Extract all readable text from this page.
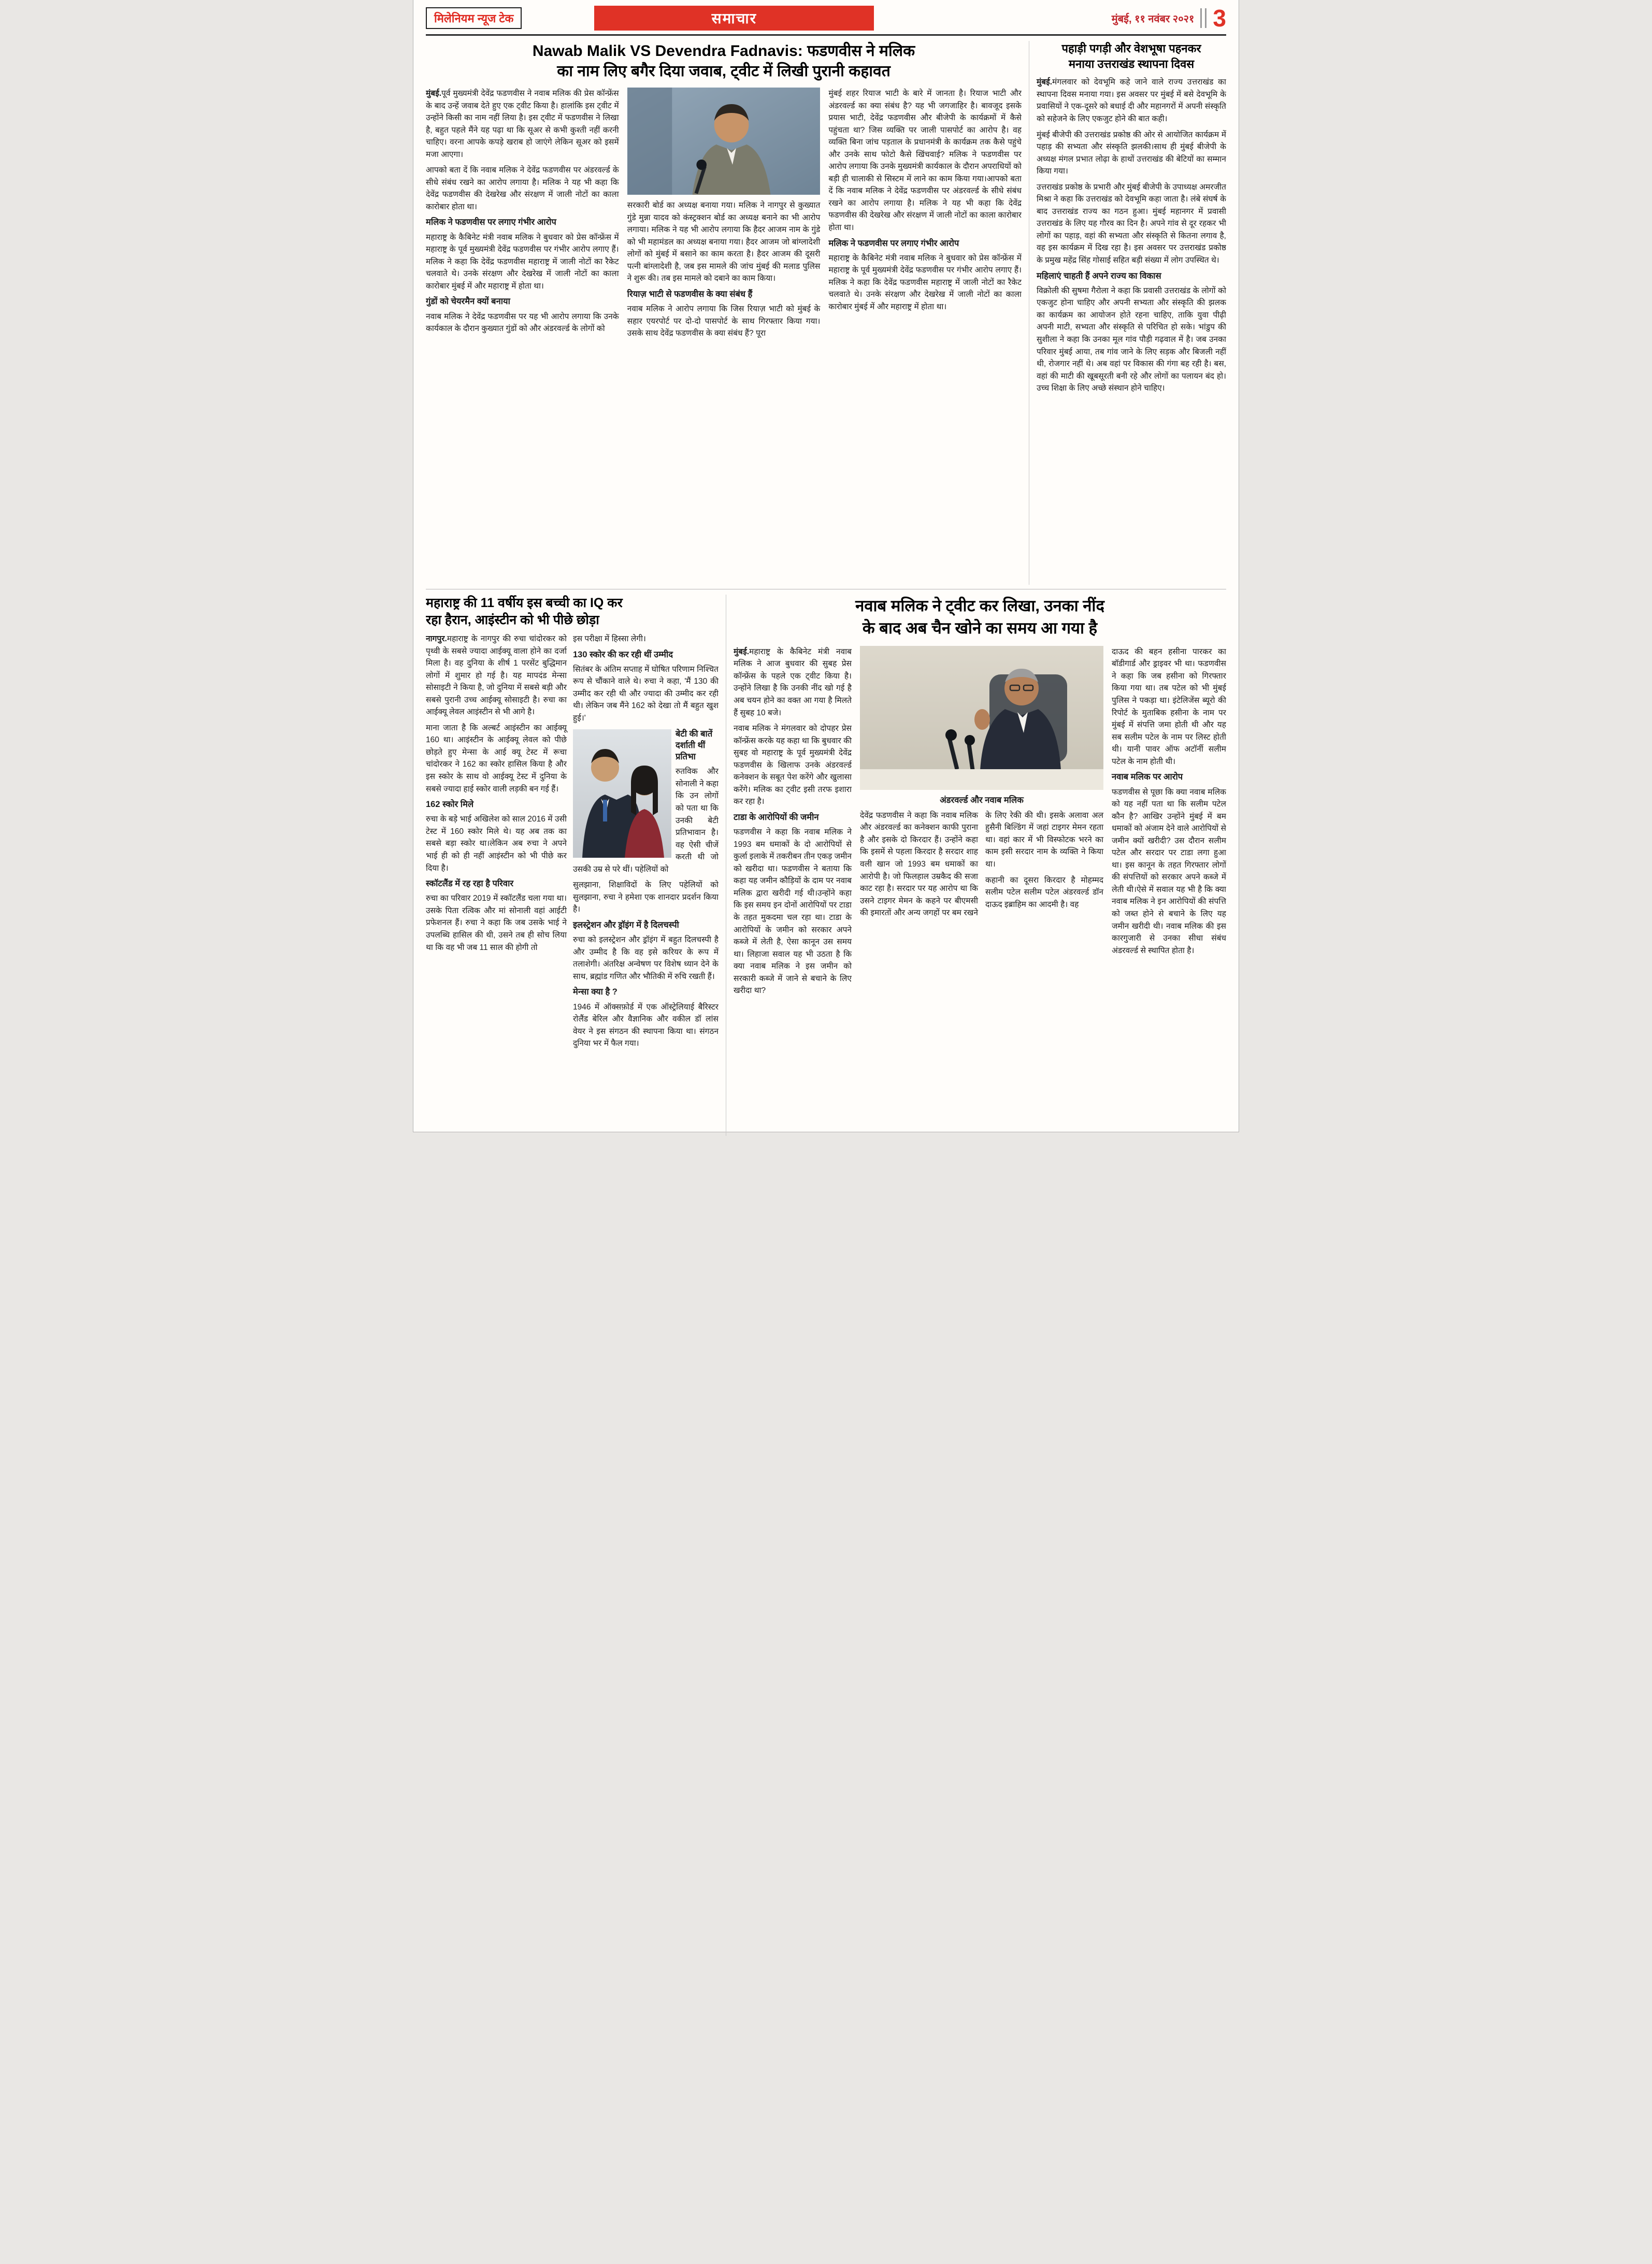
मिलेनियम न्यूज टेक	समाचार	मुंबई, ११ नवंबर २०२१ 3
Nawab Malik VS Devendra Fadnavis: फडणवीस ने मलिक
का नाम लिए बगैर दिया जवाब, ट्वीट में लिखी पुरानी कहावत

मुंबई.पूर्व मुख्यमंत्री देवेंद्र फडणवीस ने नवाब मलिक की प्रेस कॉन्फ्रेंस के बाद उन्हें जवाब देते हुए एक ट्वीट किया है। हालांकि इस ट्वीट में उन्होंने किसी का नाम नहीं लिया है। इस ट्वीट में फडणवीस ने लिखा है, बहुत पहले मैंने यह पढ़ा था कि सूअर से कभी कुश्ती नहीं करनी चाहिए। वरना आपके कपड़े खराब हो जाएंगे लेकिन सूअर को इसमें मजा आएगा।

आपको बता दें कि नवाब मलिक ने देवेंद्र फडणवीस पर अंडरवर्ल्ड के सीधे संबंध रखने का आरोप लगाया है। मलिक ने यह भी कहा कि देवेंद्र फडणवीस की देखरेख और संरक्षण में जाली नोटों का काला कारोबार होता था।

मलिक ने फडणवीस पर लगाए गंभीर आरोप

महाराष्ट्र के कैबिनेट मंत्री नवाब मलिक ने बुधवार को प्रेस कॉन्फ्रेंस में महाराष्ट्र के पूर्व मुख्यमंत्री देवेंद्र फडणवीस पर गंभीर आरोप लगाए हैं। मलिक ने कहा कि देवेंद्र फडणवीस महाराष्ट्र में जाली नोटों का रैकेट चलवाते थे। उनके संरक्षण और देखरेख में जाली नोटों का काला कारोबार मुंबई में और महाराष्ट्र में होता था।

गुंडों को चेयरमैन क्यों बनाया

नवाब मलिक ने देवेंद्र फडणवीस पर यह भी आरोप लगाया कि उनके कार्यकाल के दौरान कुख्यात गुंडों को और अंडरवर्ल्ड के लोगों को

सरकारी बोर्ड का अध्यक्ष बनाया गया। मलिक ने नागपुर से कुख्यात गुंडे मुन्ना यादव को कंस्ट्रक्शन बोर्ड का अध्यक्ष बनाने का भी आरोप लगाया। मलिक ने यह भी आरोप लगाया कि हैदर आजम नाम के गुंडे को भी महामंडल का अध्यक्ष बनाया गया। हैदर आजम जो बांग्लादेशी लोगों को मुंबई में बसाने का काम करता है। हैदर आजम की दूसरी पत्नी बांग्लादेशी है, जब इस मामले की जांच मुंबई की मलाड पुलिस ने शुरू की। तब इस मामले को दबाने का काम किया।

रियाज़ भाटी से फडणवीस के क्या संबंध हैं

नवाब मलिक ने आरोप लगाया कि जिस रियाज़ भाटी को मुंबई के सहार एयरपोर्ट पर दो-दो पासपोर्ट के साथ गिरफ्तार किया गया। उसके साथ देवेंद्र फडणवीस के क्या संबंध हैं? पूरा

मुंबई शहर रियाज भाटी के बारे में जानता है। रियाज भाटी और अंडरवर्ल्ड का क्या संबंध है? यह भी जगजाहिर है। बावजूद इसके प्रयास भाटी, देवेंद्र फडणवीस और बीजेपी के कार्यक्रमों में कैसे पहुंचता था? जिस व्यक्ति पर जाली पासपोर्ट का आरोप है। वह व्यक्ति बिना जांच पड़ताल के प्रधानमंत्री के कार्यक्रम तक कैसे पहुंचे और उनके साथ फोटो कैसे खिंचवाई? मलिक ने फडणवीस पर आरोप लगाया कि उनके मुख्यमंत्री कार्यकाल के दौरान अपराधियों को बड़ी ही चालाकी से सिस्टम में लाने का काम किया गया।आपको बता दें कि नवाब मलिक ने देवेंद्र फडणवीस पर अंडरवर्ल्ड के सीधे संबंध रखने का आरोप लगाया है। मलिक ने यह भी कहा कि देवेंद्र फडणवीस की देखरेख और संरक्षण में जाली नोटों का काला कारोबार होता था।

मलिक ने फडणवीस पर लगाए गंभीर आरोप

महाराष्ट्र के कैबिनेट मंत्री नवाब मलिक ने बुधवार को प्रेस कॉन्फ्रेंस में महाराष्ट्र के पूर्व मुख्यमंत्री देवेंद्र फडणवीस पर गंभीर आरोप लगाए हैं। मलिक ने कहा कि देवेंद्र फडणवीस महाराष्ट्र में जाली नोटों का रैकेट चलवाते थे। उनके संरक्षण और देखरेख में जाली नोटों का काला कारोबार मुंबई में और महाराष्ट्र में होता था।

पहाड़ी पगड़ी और वेशभूषा पहनकर
मनाया उत्तराखंड स्थापना दिवस

मुंबई.मंगलवार को देवभूमि कहे जाने वाले राज्य उत्तराखंड का स्थापना दिवस मनाया गया। इस अवसर पर मुंबई में बसे देवभूमि के प्रवासियों ने एक-दूसरे को बधाई दी और महानगरों में अपनी संस्कृति को सहेजने के लिए एकजुट होने की बात कही।

मुंबई बीजेपी की उत्तराखंड प्रकोष्ठ की ओर से आयोजित कार्यक्रम में पहाड़ की सभ्यता और संस्कृति झलकी।साथ ही मुंबई बीजेपी के अध्यक्ष मंगल प्रभात लोढ़ा के हाथों उत्तराखंड की बेटियों का सम्मान किया गया।

उत्तराखंड प्रकोष्ठ के प्रभारी और मुंबई बीजेपी के उपाध्यक्ष अमरजीत मिश्रा ने कहा कि उत्तराखंड को देवभूमि कहा जाता है। लंबे संघर्ष के बाद उत्तराखंड राज्य का गठन हुआ। मुंबई महानगर में प्रवासी उत्तराखंड के लिए यह गौरव का दिन है। अपने गांव से दूर रहकर भी लोगों का पहाड़, वहां की सभ्यता और संस्कृति से कितना लगाव है, वह इस कार्यक्रम में दिख रहा है। इस अवसर पर उत्तराखंड प्रकोष्ठ के प्रमुख महेंद्र सिंह गोसाई सहित बड़ी संख्या में लोग उपस्थित थे।

महिलाएं चाहती हैं अपने राज्य का विकास

विक्रोली की सुषमा गैरोला ने कहा कि प्रवासी उत्तराखंड के लोगों को एकजुट होना चाहिए और अपनी सभ्यता और संस्कृति की झलक का कार्यक्रम का आयोजन होते रहना चाहिए, ताकि युवा पीढ़ी अपनी माटी, सभ्यता और संस्कृति से परिचित हो सके। भांडुप की सुशीला ने कहा कि उनका मूल गांव पौड़ी गढ़वाल में है। जब उनका परिवार मुंबई आया, तब गांव जाने के लिए सड़क और बिजली नहीं थी, रोजगार नहीं थे। अब वहां पर विकास की गंगा बह रही है। बस, वहां की माटी की खूबसूरती बनी रहे और लोगों का पलायन बंद हो। उच्च शिक्षा के लिए अच्छे संस्थान होने चाहिए।

महाराष्ट्र की 11 वर्षीय इस बच्ची का IQ कर
रहा हैरान, आइंस्टीन को भी पीछे छोड़ा

नागपुर.महाराष्ट्र के नागपुर की रुचा चांदोरकर को पृथ्वी के सबसे ज्यादा आईक्यू वाला होने का दर्जा मिला है। वह दुनिया के शीर्ष 1 परसेंट बुद्धिमान लोगों में शुमार हो गई है। यह मापदंड मेन्सा सोसाइटी ने किया है, जो दुनिया में सबसे बड़ी और सबसे पुरानी उच्च आईक्यू सोसाइटी है। रुचा का आईक्यू लेवल आइंस्टीन से भी आगे है।

माना जाता है कि अल्बर्ट आइंस्टीन का आईक्यू 160 था। आइंस्टीन के आईक्यू लेवल को पीछे छोड़ते हुए मेन्सा के आई क्यू टेस्ट में रूचा चांदोरकर ने 162 का स्कोर हासिल किया है और इस स्कोर के साथ वो आईक्यू टेस्ट में दुनिया के सबसे ज्यादा हाई स्कोर वाली लड़की बन गई हैं।

162 स्कोर मिले

रुचा के बड़े भाई अखिलेश को साल 2016 में उसी टेस्ट में 160 स्कोर मिले थे। यह अब तक का सबसे बड़ा स्कोर था।लेकिन अब रुचा ने अपने भाई ही को ही नहीं आइंस्टीन को भी पीछे कर दिया है।

स्कॉटलैंड में रह रहा है परिवार

रुचा का परिवार 2019 में स्कॉटलैंड चला गया था। उसके पिता रत्विक और मां सोनाली वहां आईटी प्रफेशनल हैं। रुचा ने कहा कि जब उसके भाई ने उपलब्धि हासिल की थी, उसने तब ही सोच लिया था कि वह भी जब 11 साल की होगी तो

इस परीक्षा में हिस्सा लेगी।

130 स्कोर की कर रही थीं उम्मीद

सितंबर के अंतिम सप्ताह में घोषित परिणाम निश्चित रूप से चौंकाने वाले थे। रुचा ने कहा, 'मैं 130 की उम्मीद कर रही थी और ज्यादा की उम्मीद कर रही थी। लेकिन जब मैंने 162 को देखा तो मैं बहुत खुश हुई।'

बेटी की बातें दर्शाती थीं प्रतिभा

रुतविक और सोनाली ने कहा कि उन लोगों को पता था कि उनकी बेटी प्रतिभावान है। वह ऐसी चीजें करती थी जो उसकी उम्र से परे थीं। पहेलियों को

सुलझाना, शिक्षाविदों के लिए पहेलियों को सुलझाना, रुचा ने हमेशा एक शानदार प्रदर्शन किया है।

इलस्ट्रेशन और ड्रॉइंग में है दिलचस्पी

रुचा को इलस्ट्रेशन और ड्रॉइंग में बहुत दिलचस्पी है और उम्मीद है कि वह इसे करियर के रूप में तलाशेगी। अंतरिक्ष अन्वेषण पर विशेष ध्यान देने के साथ, ब्रह्मांड गणित और भौतिकी में रुचि रखती हैं।

मेन्सा क्या है ?

1946 में ऑक्सफ़ोर्ड में एक ऑस्ट्रेलियाई बैरिस्टर रोलैंड बेरिल और वैज्ञानिक और वकील डॉ लांस वेयर ने इस संगठन की स्थापना किया था। संगठन दुनिया भर में फैल गया।

नवाब मलिक ने ट्वीट कर लिखा, उनका नींद
के बाद अब चैन खोने का समय आ गया है

मुंबई.महाराष्ट्र के कैबिनेट मंत्री नवाब मलिक ने आज बुधवार की सुबह प्रेस कॉन्फ्रेंस के पहले एक ट्वीट किया है। उन्होंने लिखा है कि उनकी नींद खो गई है अब चयन होने का वक्त आ गया है मिलते हैं सुबह 10 बजे।

नवाब मलिक ने मंगलवार को दोपहर प्रेस कॉन्फ्रेंस करके यह कहा था कि बुधवार की सुबह वो महाराष्ट्र के पूर्व मुख्यमंत्री देवेंद्र फडणवीस के खिलाफ उनके अंडरवर्ल्ड कनेक्शन के सबूत पेश करेंगे और खुलासा करेंगे। मलिक का ट्वीट इसी तरफ इशारा कर रहा है।

टाडा के आरोपियों की जमीन

फडणवीस ने कहा कि नवाब मलिक ने 1993 बम धमाकों के दो आरोपियों से कुर्ला इलाके में तकरीबन तीन एकड़ जमीन को खरीदा था। फडणवीस ने बताया कि कहा यह जमीन कौड़ियों के दाम पर नवाब मलिक द्वारा खरीदी गई थी।उन्होंने कहा कि इस समय इन दोनों आरोपियों पर टाडा के तहत मुकदमा चल रहा था। टाडा के आरोपियों के जमीन को सरकार अपने कब्जे में लेती है, ऐसा कानून उस समय था। लिहाजा सवाल यह भी उठता है कि क्या नवाब मलिक ने इस जमीन को सरकारी कब्जे में जाने से बचाने के लिए खरीदा था?

अंडरवर्ल्ड और नवाब मलिक

देवेंद्र फडणवीस ने कहा कि नवाब मलिक और अंडरवर्ल्ड का कनेक्शन काफी पुराना है और इसके दो किरदार हैं। उन्होंने कहा कि इसमें से पहला किरदार है सरदार शाह वली खान जो 1993 बम धमाकों का आरोपी है। जो फिलहाल उम्रकैद की सजा काट रहा है। सरदार पर यह आरोप था कि उसने टाइगर मेमन के कहने पर बीएमसी की इमारतों और अन्य जगहों पर बम रखने के लिए रेकी की थी। इसके अलावा अल हुसैनी बिल्डिंग में जहां टाइगर मेमन रहता था। वहां कार में भी विस्फोटक भरने का काम इसी सरदार नाम के व्यक्ति ने किया था।

कहानी का दूसरा किरदार है मोहम्मद सलीम पटेल सलीम पटेल अंडरवर्ल्ड डॉन दाऊद इब्राहिम का आदमी है। वह

दाऊद की बहन हसीना पारकर का बॉडीगार्ड और ड्राइवर भी था। फडणवीस ने कहा कि जब हसीना को गिरफ्तार किया गया था। तब पटेल को भी मुंबई पुलिस ने पकड़ा था। इंटेलिजेंस ब्यूरो की रिपोर्ट के मुताबिक हसीना के नाम पर मुंबई में संपत्ति जमा होती थी और यह सब सलीम पटेल के नाम पर लिस्ट होती थी। यानी पावर ऑफ अटॉर्नी सलीम पटेल के नाम होती थी।

नवाब मलिक पर आरोप

फडणवीस से पूछा कि क्या नवाब मलिक को यह नहीं पता था कि सलीम पटेल कौन है? आखिर उन्होंने मुंबई में बम धमाकों को अंजाम देने वाले आरोपियों से जमीन क्यों खरीदी? उस दौरान सलीम पटेल और सरदार पर टाडा लगा हुआ था। इस कानून के तहत गिरफ्तार लोगों की संपत्तियों को सरकार अपने कब्जे में लेती थी।ऐसे में सवाल यह भी है कि क्या नवाब मलिक ने इन आरोपियों की संपत्ति को जब्त होने से बचाने के लिए यह जमीन खरीदी थी। नवाब मलिक की इस कारगुजारी से उनका सीधा संबंध अंडरवर्ल्ड से स्थापित होता है।
